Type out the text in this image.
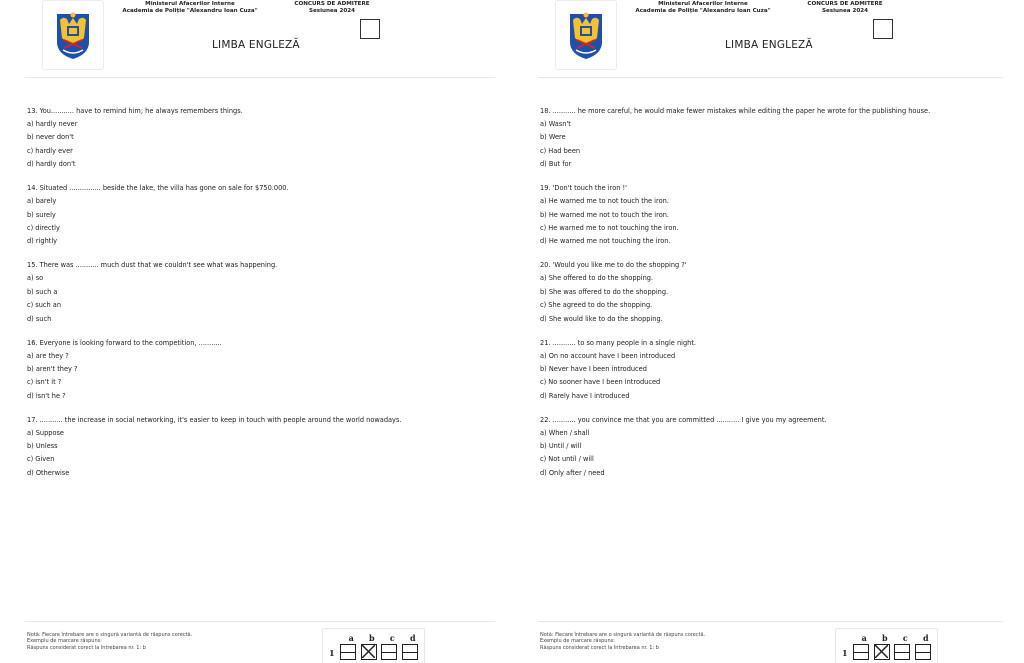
Ministerul Afacerilor Interne
Academia de Poliție "Alexandru Ioan Cuza"
CONCURS DE ADMITERE
Sesiunea 2024
LIMBA ENGLEZĂ
13. You........... have to remind him; he always remembers things.
a) hardly never
b) never don't
c) hardly ever
d) hardly don't
14. Situated ............... beside the lake, the villa has gone on sale for $750.000.
a) barely
b) surely
c) directly
d) rightly
15. There was ........... much dust that we couldn't see what was happening.
a) so
b) such a
c) such an
d) such
16. Everyone is looking forward to the competition, ...........
a) are they ?
b) aren't they ?
c) isn't it ?
d) isn't he ?
17. ........... the increase in social networking, it's easier to keep in touch with people around the world nowadays.
a) Suppose
b) Unless
c) Given
d) Otherwise
Notă: Fiecare întrebare are o singură variantă de răspuns corectă.
Exemplu de marcare răspuns:
Răspuns considerat corect la întrebarea nr. 1: b
a	b	c	d
1
Ministerul Afacerilor Interne
Academia de Poliție "Alexandru Ioan Cuza"
CONCURS DE ADMITERE
Sesiunea 2024
LIMBA ENGLEZĂ
18. ........... he more careful, he would make fewer mistakes while editing the paper he wrote for the publishing house.
a) Wasn't
b) Were
c) Had been
d) But for
19. 'Don't touch the iron !'
a) He warned me to not touch the iron.
b) He warned me not to touch the iron.
c) He warned me to not touching the iron.
d) He warned me not touching the iron.
20. 'Would you like me to do the shopping ?'
a) She offered to do the shopping.
b) She was offered to do the shopping.
c) She agreed to do the shopping.
d) She would like to do the shopping.
21. ........... to so many people in a single night.
a) On no account have I been introduced
b) Never have I been introduced
c) No sooner have I been introduced
d) Rarely have I introduced
22. ........... you convince me that you are committed ........... I give you my agreement.
a) When / shall
b) Until / will
c) Not until / will
d) Only after / need
Notă: Fiecare întrebare are o singură variantă de răspuns corectă.
Exemplu de marcare răspuns:
Răspuns considerat corect la întrebarea nr. 1: b
a	b	c	d
1
